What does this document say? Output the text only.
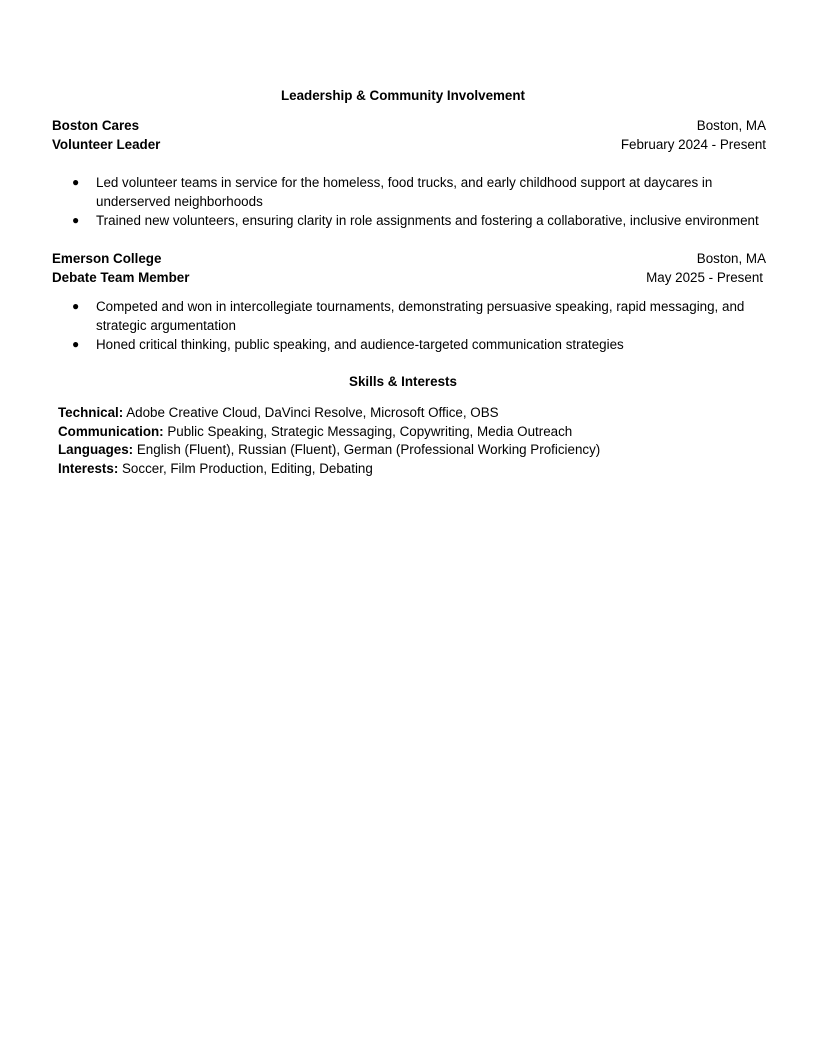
Leadership & Community Involvement
Boston Cares	Boston, MA
Volunteer Leader	February 2024 - Present
● Led volunteer teams in service for the homeless, food trucks, and early childhood support at daycares in underserved neighborhoods
● Trained new volunteers, ensuring clarity in role assignments and fostering a collaborative, inclusive environment
Emerson College	Boston, MA
Debate Team Member	May 2025 - Present
● Competed and won in intercollegiate tournaments, demonstrating persuasive speaking, rapid messaging, and strategic argumentation
● Honed critical thinking, public speaking, and audience-targeted communication strategies
Skills & Interests
Technical: Adobe Creative Cloud, DaVinci Resolve, Microsoft Office, OBS
Communication: Public Speaking, Strategic Messaging, Copywriting, Media Outreach
Languages: English (Fluent), Russian (Fluent), German (Professional Working Proficiency)
Interests: Soccer, Film Production, Editing, Debating
